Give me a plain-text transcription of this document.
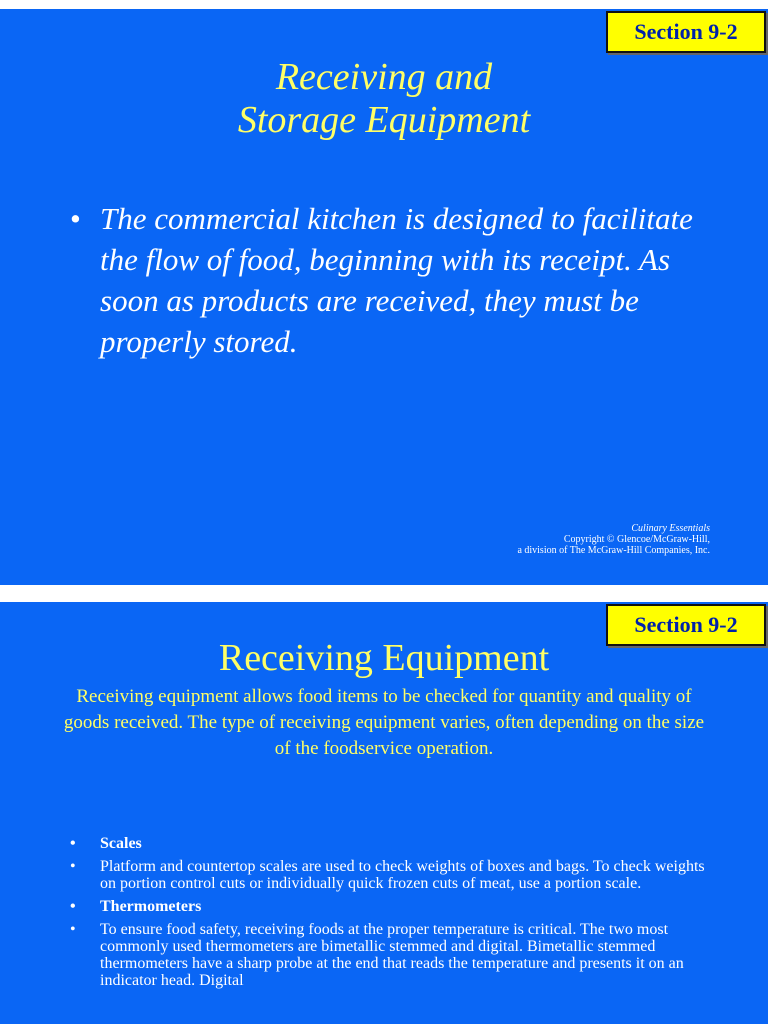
Section 9-2
Receiving and
Storage Equipment
• The commercial kitchen is designed to facilitate the flow of food, beginning with its receipt. As soon as products are received, they must be properly stored.
Culinary Essentials
Copyright © Glencoe/McGraw-Hill,
a division of The McGraw-Hill Companies, Inc.
Section 9-2
Receiving Equipment
Receiving equipment allows food items to be checked for quantity and quality of goods received. The type of receiving equipment varies, often depending on the size of the foodservice operation.
•	Scales
•	Platform and countertop scales are used to check weights of boxes and bags. To check weights on portion control cuts or individually quick frozen cuts of meat, use a portion scale.
•	Thermometers
•	To ensure food safety, receiving foods at the proper temperature is critical. The two most commonly used thermometers are bimetallic stemmed and digital. Bimetallic stemmed thermometers have a sharp probe at the end that reads the temperature and presents it on an indicator head. Digital
